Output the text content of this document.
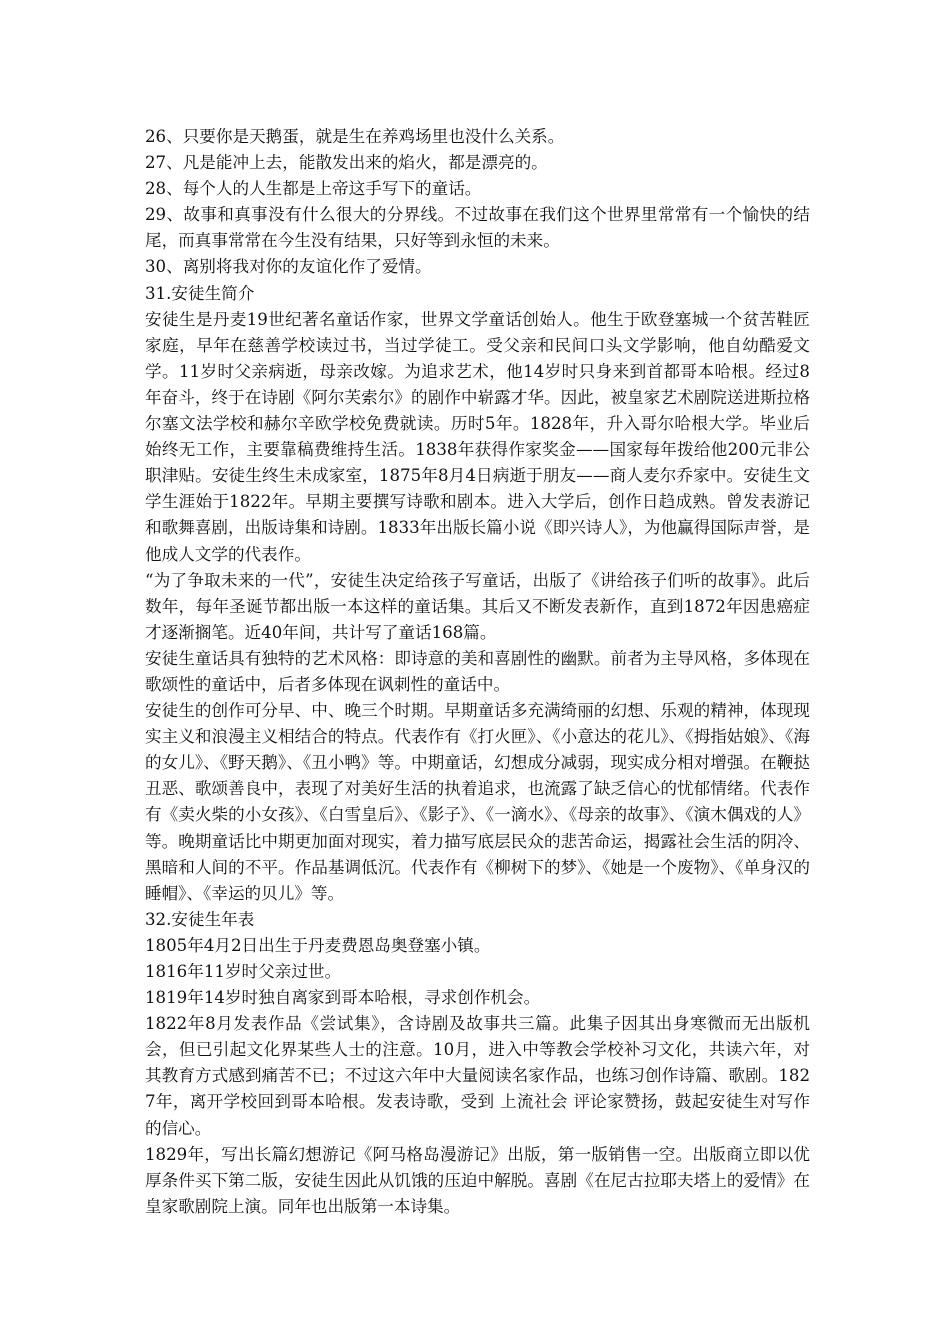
26、只要你是天鹅蛋，就是生在养鸡场里也没什么关系。

27、凡是能冲上去，能散发出来的焰火，都是漂亮的。

28、每个人的人生都是上帝这手写下的童话。

29、故事和真事没有什么很大的分界线。不过故事在我们这个世界里常常有一个愉快的结尾，而真事常常在今生没有结果，只好等到永恒的未来。

30、离别将我对你的友谊化作了爱情。

31.安徒生简介

安徒生是丹麦19世纪著名童话作家，世界文学童话创始人。他生于欧登塞城一个贫苦鞋匠家庭，早年在慈善学校读过书，当过学徒工。受父亲和民间口头文学影响，他自幼酷爱文学。11岁时父亲病逝，母亲改嫁。为追求艺术，他14岁时只身来到首都哥本哈根。经过8年奋斗，终于在诗剧《阿尔芙索尔》的剧作中崭露才华。因此，被皇家艺术剧院送进斯拉格尔塞文法学校和赫尔辛欧学校免费就读。历时5年。1828年，升入哥尔哈根大学。毕业后始终无工作，主要靠稿费维持生活。1838年获得作家奖金——国家每年拨给他200元非公职津贴。安徒生终生未成家室，1875年8月4日病逝于朋友——商人麦尔乔家中。安徒生文学生涯始于1822年。早期主要撰写诗歌和剧本。进入大学后，创作日趋成熟。曾发表游记和歌舞喜剧，出版诗集和诗剧。1833年出版长篇小说《即兴诗人》，为他赢得国际声誉，是他成人文学的代表作。

“为了争取未来的一代”，安徒生决定给孩子写童话，出版了《讲给孩子们听的故事》。此后数年，每年圣诞节都出版一本这样的童话集。其后又不断发表新作，直到1872年因患癌症才逐渐搁笔。近40年间，共计写了童话168篇。

安徒生童话具有独特的艺术风格：即诗意的美和喜剧性的幽默。前者为主导风格，多体现在歌颂性的童话中，后者多体现在讽刺性的童话中。

安徒生的创作可分早、中、晚三个时期。早期童话多充满绮丽的幻想、乐观的精神，体现现实主义和浪漫主义相结合的特点。代表作有《打火匣》、《小意达的花儿》、《拇指姑娘》、《海的女儿》、《野天鹅》、《丑小鸭》等。中期童话，幻想成分减弱，现实成分相对增强。在鞭挞丑恶、歌颂善良中，表现了对美好生活的执着追求，也流露了缺乏信心的忧郁情绪。代表作有《卖火柴的小女孩》、《白雪皇后》、《影子》、《一滴水》、《母亲的故事》、《演木偶戏的人》等。晚期童话比中期更加面对现实，着力描写底层民众的悲苦命运，揭露社会生活的阴冷、黑暗和人间的不平。作品基调低沉。代表作有《柳树下的梦》、《她是一个废物》、《单身汉的睡帽》、《幸运的贝儿》等。

32.安徒生年表

1805年4月2日出生于丹麦费恩岛奥登塞小镇。

1816年11岁时父亲过世。

1819年14岁时独自离家到哥本哈根，寻求创作机会。

1822年8月发表作品《尝试集》，含诗剧及故事共三篇。此集子因其出身寒微而无出版机会，但已引起文化界某些人士的注意。10月，进入中等教会学校补习文化，共读六年，对其教育方式感到痛苦不已；不过这六年中大量阅读名家作品，也练习创作诗篇、歌剧。1827年，离开学校回到哥本哈根。发表诗歌，受到 上流社会 评论家赞扬，鼓起安徒生对写作的信心。

1829年，写出长篇幻想游记《阿马格岛漫游记》出版，第一版销售一空。出版商立即以优厚条件买下第二版，安徒生因此从饥饿的压迫中解脱。喜剧《在尼古拉耶夫塔上的爱情》在皇家歌剧院上演。同年也出版第一本诗集。
